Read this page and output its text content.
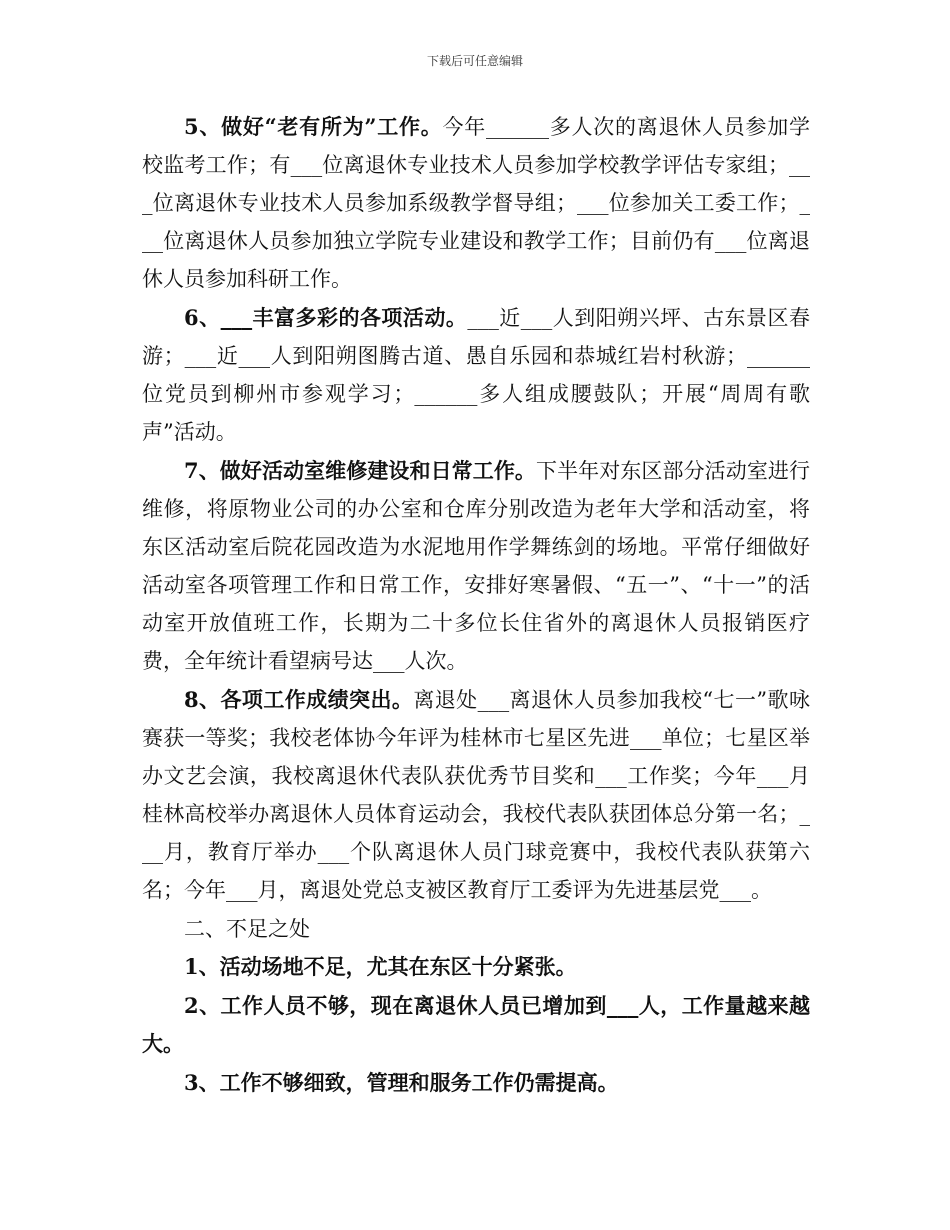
下载后可任意编辑

5、做好“老有所为”工作。今年______多人次的离退休人员参加学校监考工作；有___位离退休专业技术人员参加学校教学评估专家组；___位离退休专业技术人员参加系级教学督导组；___位参加关工委工作；___位离退休人员参加独立学院专业建设和教学工作；目前仍有___位离退休人员参加科研工作。

6、___丰富多彩的各项活动。___近___人到阳朔兴坪、古东景区春游；___近___人到阳朔图腾古道、愚自乐园和恭城红岩村秋游；______位党员到柳州市参观学习；______多人组成腰鼓队；开展“周周有歌声”活动。

7、做好活动室维修建设和日常工作。下半年对东区部分活动室进行维修，将原物业公司的办公室和仓库分别改造为老年大学和活动室，将东区活动室后院花园改造为水泥地用作学舞练剑的场地。平常仔细做好活动室各项管理工作和日常工作，安排好寒暑假、“五一”、“十一”的活动室开放值班工作，长期为二十多位长住省外的离退休人员报销医疗费，全年统计看望病号达___人次。

8、各项工作成绩突出。离退处___离退休人员参加我校“七一”歌咏赛获一等奖；我校老体协今年评为桂林市七星区先进___单位；七星区举办文艺会演，我校离退休代表队获优秀节目奖和___工作奖；今年___月桂林高校举办离退休人员体育运动会，我校代表队获团体总分第一名；___月，教育厅举办___个队离退休人员门球竞赛中，我校代表队获第六名；今年___月，离退处党总支被区教育厅工委评为先进基层党___。

二、不足之处

1、活动场地不足，尤其在东区十分紧张。

2、工作人员不够，现在离退休人员已增加到___人，工作量越来越大。

3、工作不够细致，管理和服务工作仍需提高。
